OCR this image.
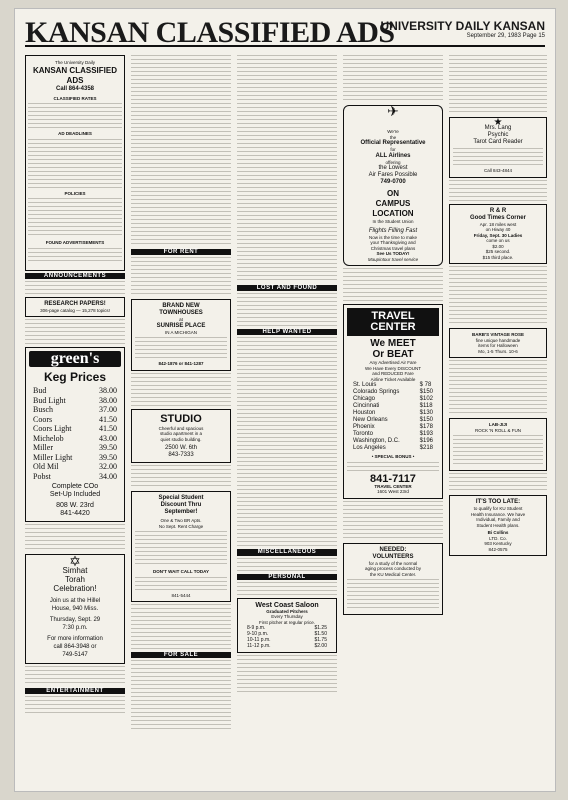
KANSAN CLASSIFIED ADS
UNIVERSITY DAILY KANSAN
September 29, 1983 Page 15
The University Daily
KANSAN CLASSIFIED ADS
Call 864-4358
CLASSIFIED RATES
AD DEADLINES
POLICIES
FOUND ADVERTISEMENTS
ANNOUNCEMENTS
RESEARCH PAPERS!
306-page catalog — 15,278 topics!
green's
Keg Prices
Bud	38.00
Bud Light	38.00
Busch	37.00
Coors	41.50
Coors Light	41.50
Michelob	43.00
Miller	39.50
Miller Light	39.50
Old Mil	32.00
Pobst	34.00
Complete COo
Set-Up Included
808 W. 23rd
841-4420
✡
Simhat
Torah
Celebration!
Join us at the Hillel
House, 940 Miss.
Thursday, Sept. 29
7:30 p.m.
For more information
call 864-3948 or
749-5147
ENTERTAINMENT
FOR RENT
BRAND NEW
TOWNHOUSES
at
SUNRISE PLACE
IN A MICHIGAN
842-1876 or 841-1287
STUDIO
Cheerful and spacious
studio apartment in a
quiet studio building.
2500 W. 6th
843-7333
Special Student
Discount Thru
September!
One & Two BR Apts.
No Sept. Rent Charge
DON'T WAIT CALL TODAY
841-5444
FOR SALE
LOST AND FOUND
HELP WANTED
MISCELLANEOUS
PERSONAL
West Coast Saloon
Graduated Pitchers
Every Thursday
First pitcher at regular price.
8-9 p.m.	$1.25
9-10 p.m.	$1.50
10-11 p.m.	$1.75
11-12 p.m.	$2.00
✈
We're
the
Official Representative
for
ALL Airlines
offering
the Lowest
Air Fares Possible
749-0700
ON
CAMPUS
LOCATION
In the Student Union
Flights Filling Fast
Now is the time to make
your Thanksgiving and
Christmas travel plans
See Us TODAY!
Maupintour travel service
TRAVEL
CENTER
We MEET
Or BEAT
Any Advertised Air Fare
We Have Every DISCOUNT
and REDUCED Fare
Airline Ticket Available
St. Louis	$ 78
Colorado Springs	$150
Chicago	$102
Cincinnati	$118
Houston	$130
New Orleans	$150
Phoenix	$178
Toronto	$193
Washington, D.C.	$196
Los Angeles	$218
• SPECIAL BONUS •
841-7117
TRAVEL CENTER
1601 West 23rd
NEEDED:
VOLUNTEERS
for a study of the normal
aging process conducted by
the KU Medical Center.
★
Mrs. Lang
Psychic
Tarot Card Reader
Call 843-4844
R & R
Good Times Corner
Apr. 18 miles west
on Hiway 40
Friday, Sept. 30 Ladies
come on us
$2.00
$25 second.
$15 third place.
BARB'S VINTAGE ROSE
fine unique handmade
items for Halloween
Mo, 1-5 Thurs. 10-6
LAB-JIJI
ROCK 'N ROLL & FUN
IT'S TOO LATE:
to qualify for KU Student
Health Insurance. We have
Individual, Family and
Student Health plans.
Bi Collins
LTD. Co.
903 Kentucky
842-0575
